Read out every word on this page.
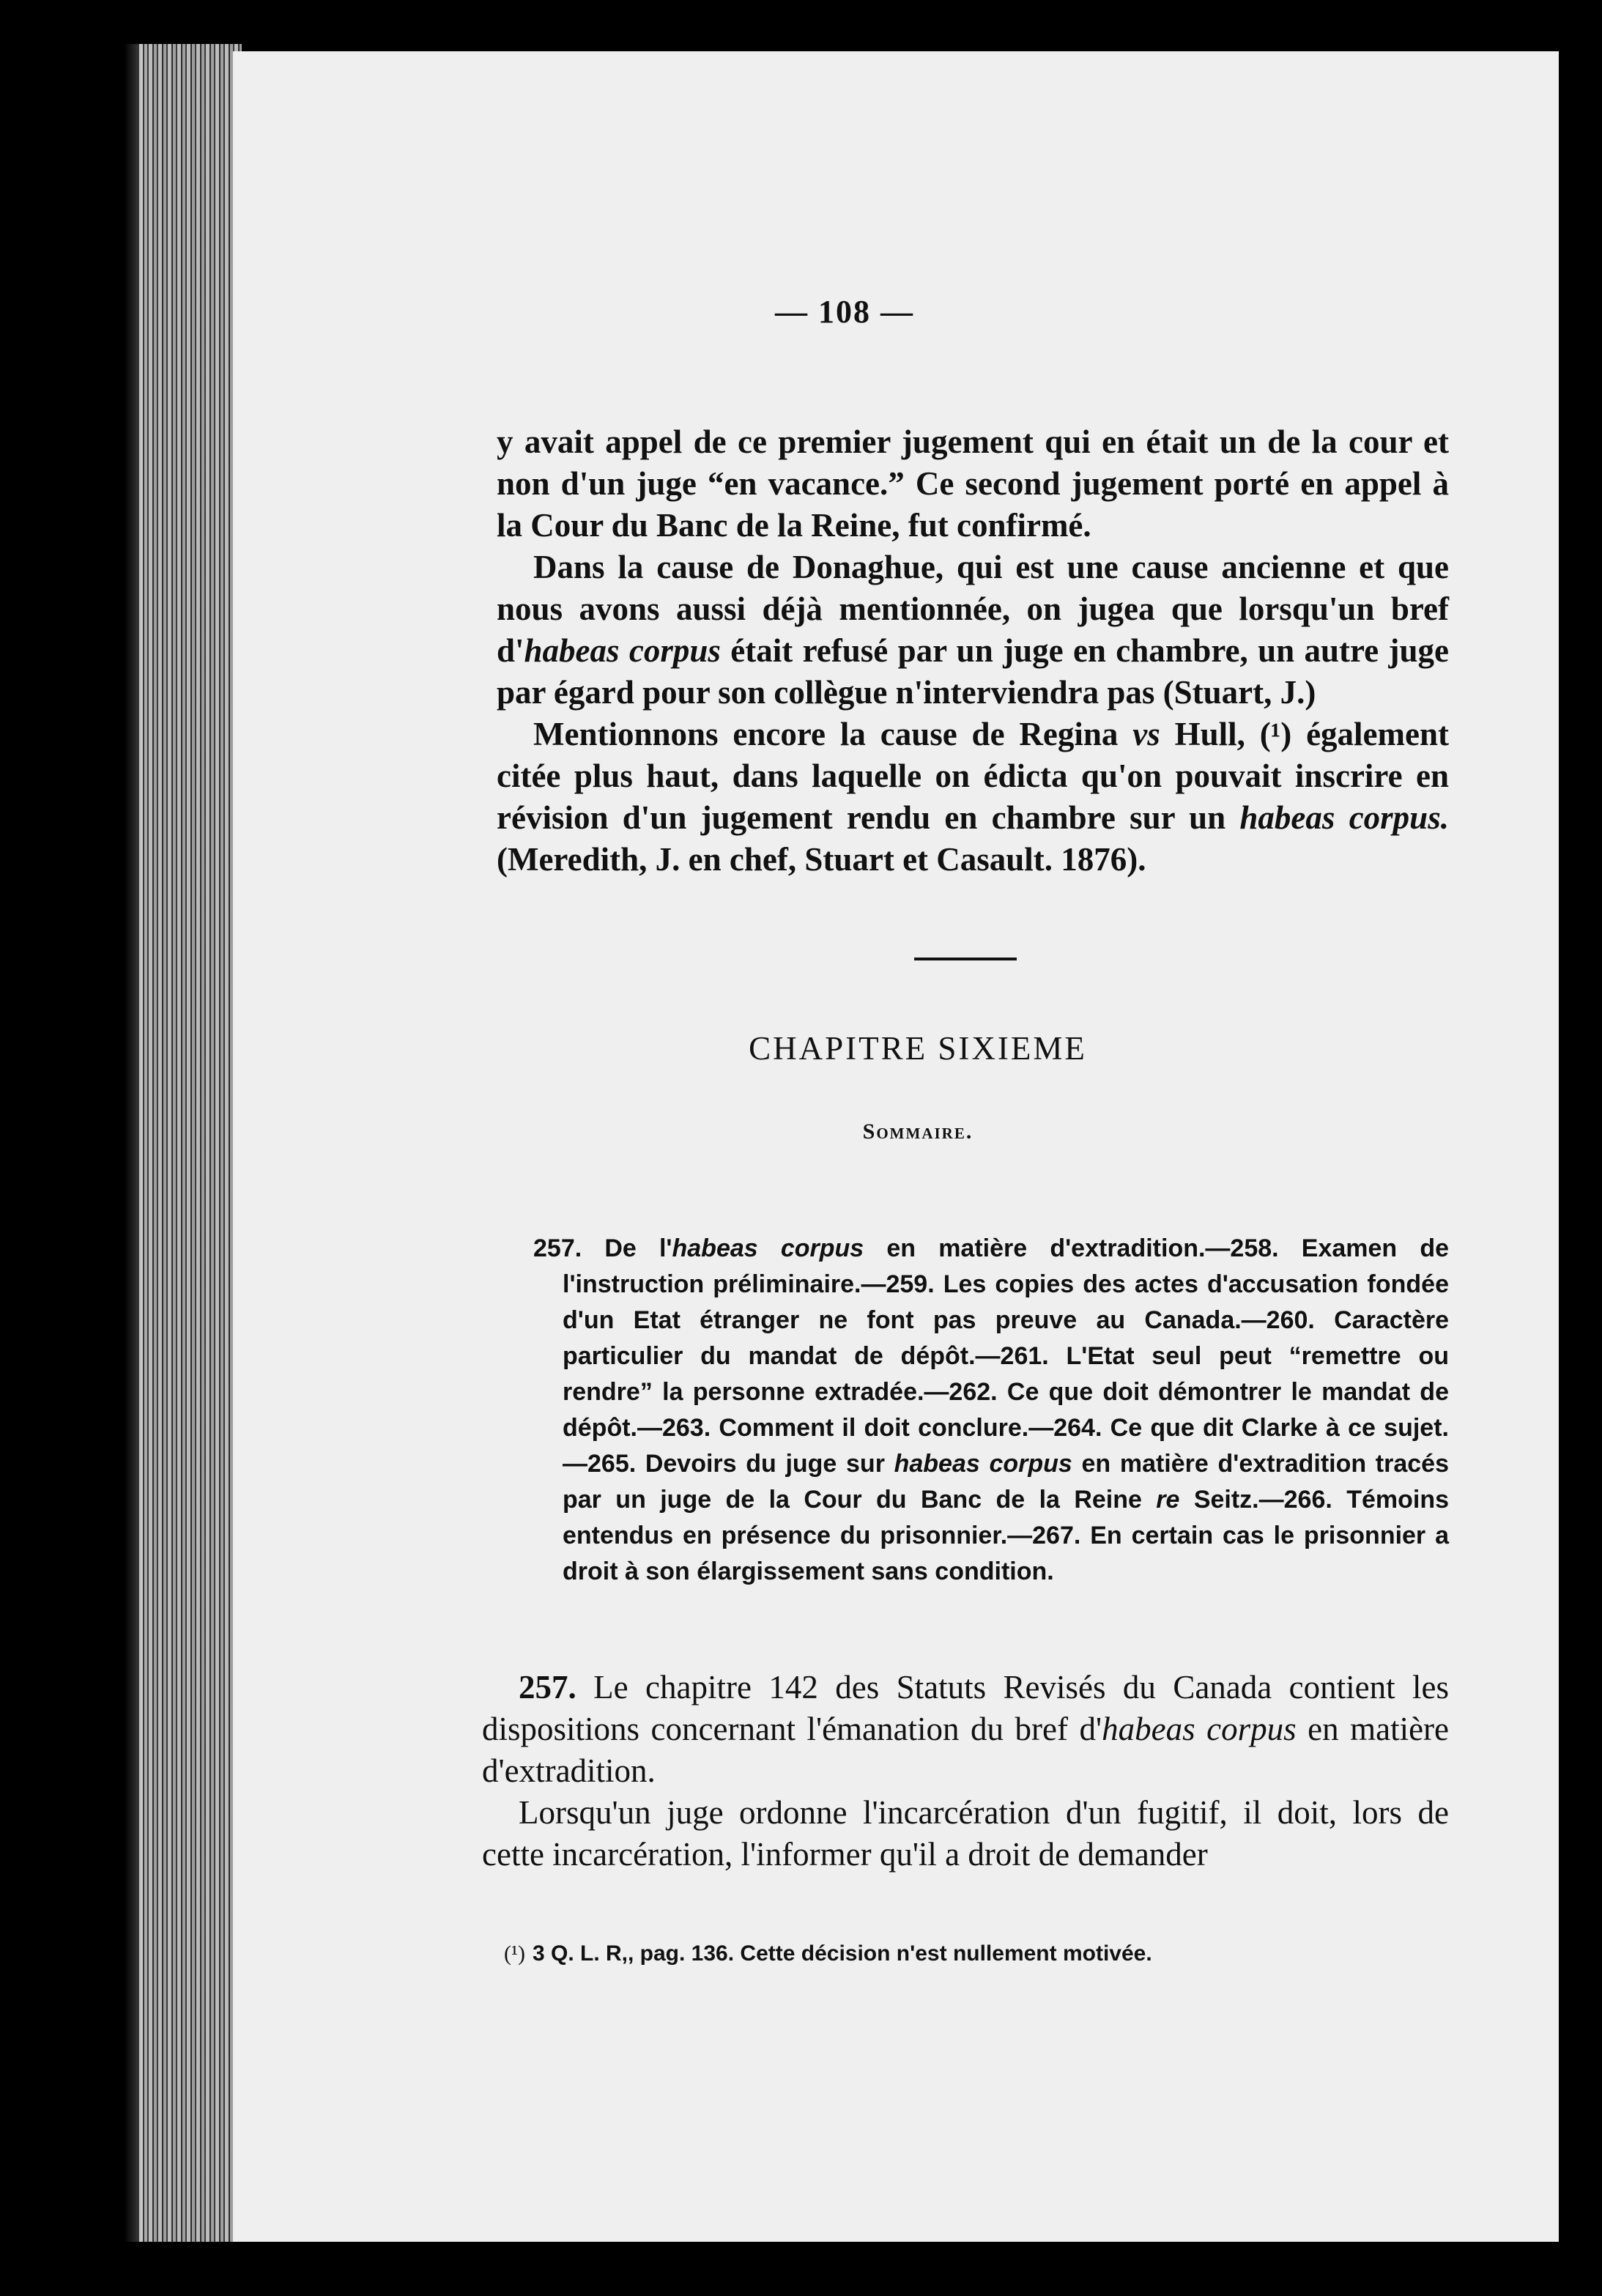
— 108 —

y avait appel de ce premier jugement qui en était un de la cour et non d'un juge “en vacance.” Ce second jugement porté en appel à la Cour du Banc de la Reine, fut confirmé.

Dans la cause de Donaghue, qui est une cause ancienne et que nous avons aussi déjà mentionnée, on jugea que lorsqu'un bref d'habeas corpus était refusé par un juge en chambre, un autre juge par égard pour son collègue n'interviendra pas (Stuart, J.)

Mentionnons encore la cause de Regina vs Hull, (¹) également citée plus haut, dans laquelle on édicta qu'on pouvait inscrire en révision d'un jugement rendu en chambre sur un habeas corpus. (Meredith, J. en chef, Stuart et Casault. 1876).

CHAPITRE SIXIEME
Sommaire.

257. De l'habeas corpus en matière d'extradition.—258. Examen de l'instruction préliminaire.—259. Les copies des actes d'accusation fondée d'un Etat étranger ne font pas preuve au Canada.—260. Caractère particulier du mandat de dépôt.—261. L'Etat seul peut “remettre ou rendre” la personne extradée.—262. Ce que doit démontrer le mandat de dépôt.—263. Comment il doit conclure.—264. Ce que dit Clarke à ce sujet.—265. Devoirs du juge sur habeas corpus en matière d'extradition tracés par un juge de la Cour du Banc de la Reine re Seitz.—266. Témoins entendus en présence du prisonnier.—267. En certain cas le prisonnier a droit à son élargissement sans condition.

257. Le chapitre 142 des Statuts Revisés du Canada contient les dispositions concernant l'émanation du bref d'habeas corpus en matière d'extradition.

Lorsqu'un juge ordonne l'incarcération d'un fugitif, il doit, lors de cette incarcération, l'informer qu'il a droit de demander

(¹) 3 Q. L. R,, pag. 136. Cette décision n'est nullement motivée.
